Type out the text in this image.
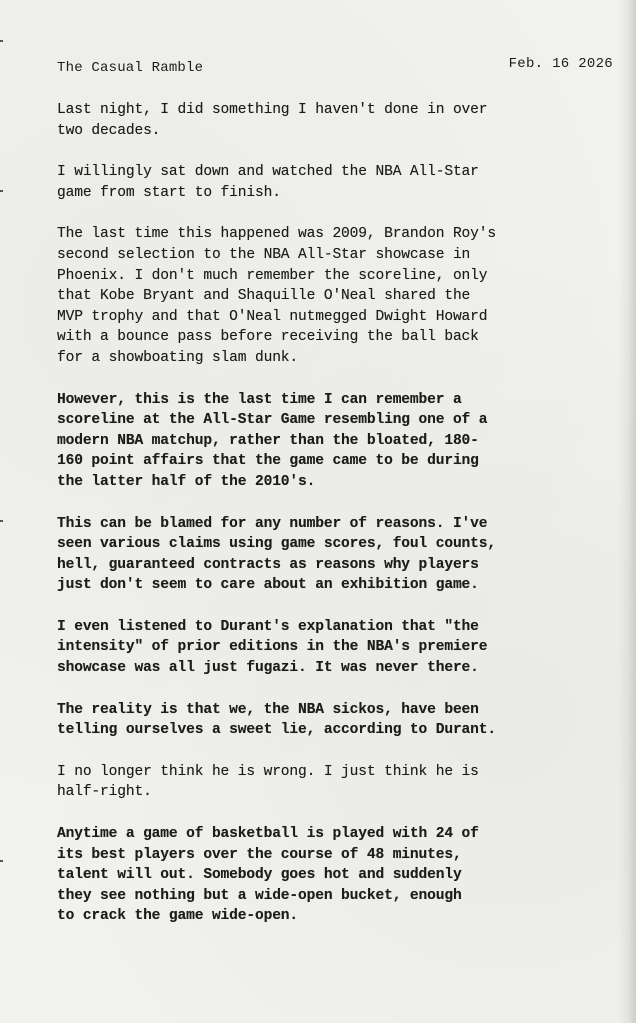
The Casual Ramble	Feb. 16 2026

Last night, I did something I haven't done in over
two decades.

I willingly sat down and watched the NBA All-Star
game from start to finish.

The last time this happened was 2009, Brandon Roy's
second selection to the NBA All-Star showcase in
Phoenix. I don't much remember the scoreline, only
that Kobe Bryant and Shaquille O'Neal shared the
MVP trophy and that O'Neal nutmegged Dwight Howard
with a bounce pass before receiving the ball back
for a showboating slam dunk.

However, this is the last time I can remember a
scoreline at the All-Star Game resembling one of a
modern NBA matchup, rather than the bloated, 180-
160 point affairs that the game came to be during
the latter half of the 2010's.

This can be blamed for any number of reasons. I've
seen various claims using game scores, foul counts,
hell, guaranteed contracts as reasons why players
just don't seem to care about an exhibition game.

I even listened to Durant's explanation that "the
intensity" of prior editions in the NBA's premiere
showcase was all just fugazi. It was never there.

The reality is that we, the NBA sickos, have been
telling ourselves a sweet lie, according to Durant.

I no longer think he is wrong. I just think he is
half-right.

Anytime a game of basketball is played with 24 of
its best players over the course of 48 minutes,
talent will out. Somebody goes hot and suddenly
they see nothing but a wide-open bucket, enough
to crack the game wide-open.
